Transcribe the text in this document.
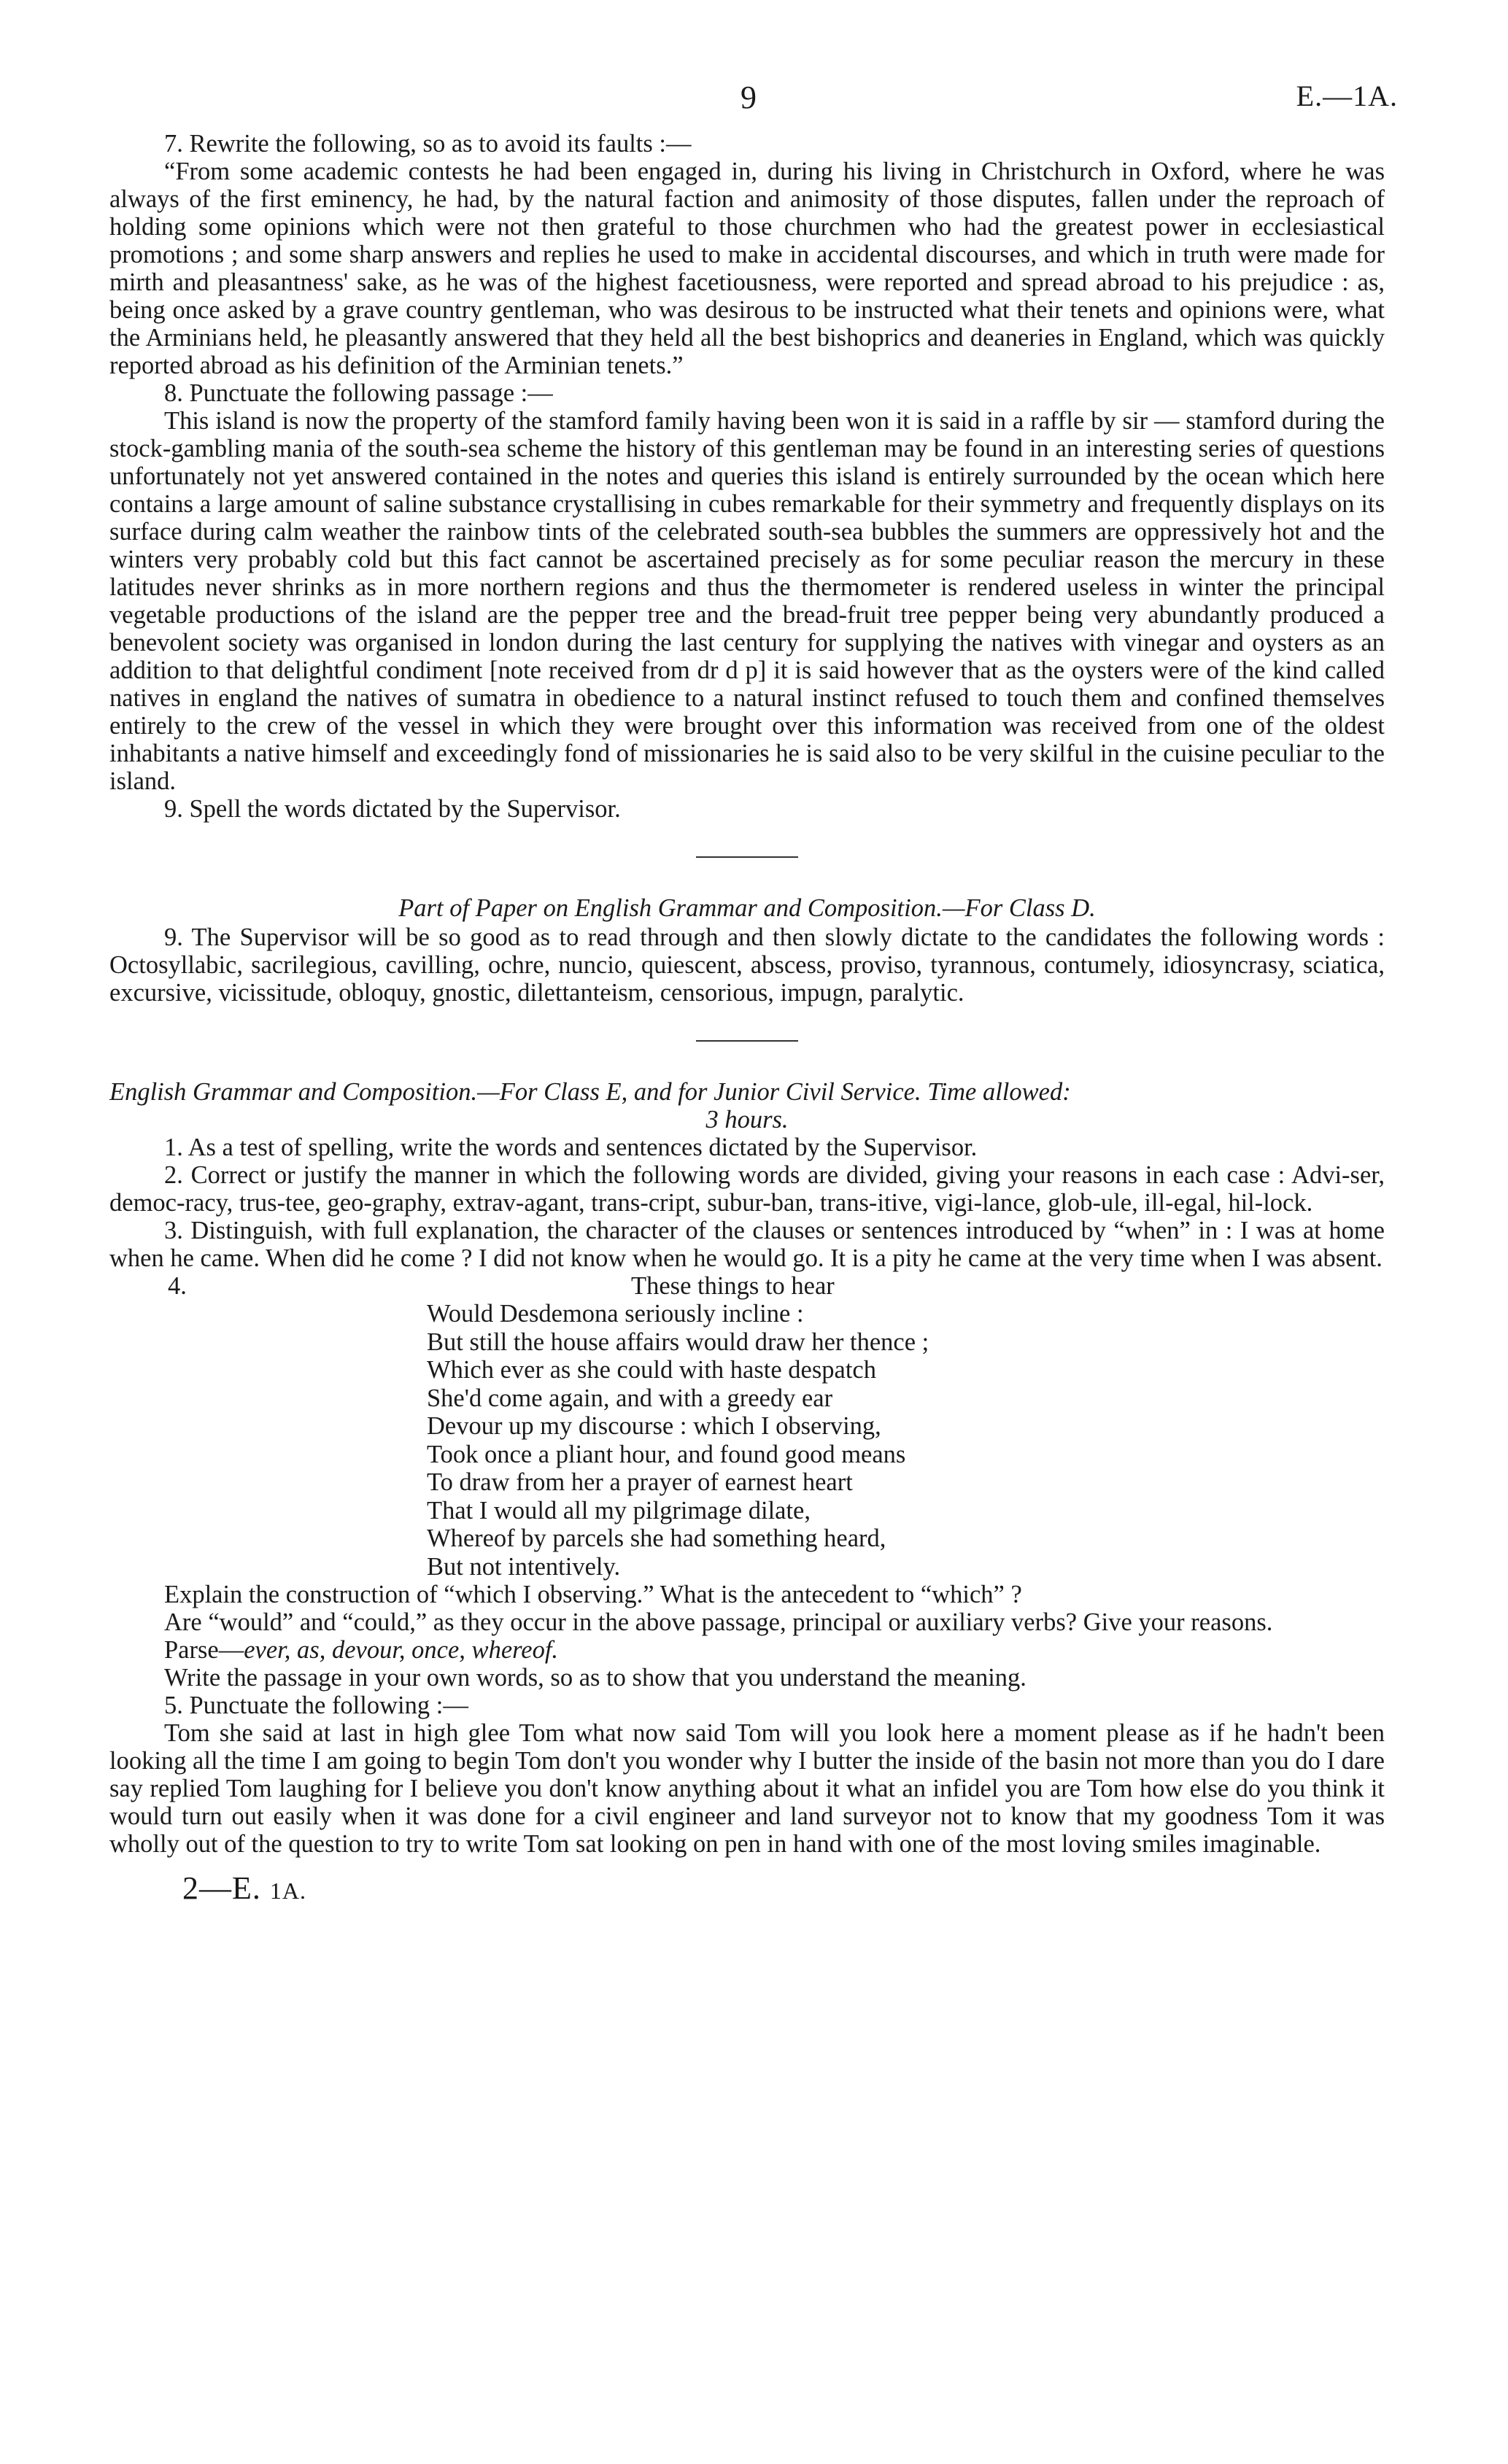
9	E.—1A.

7. Rewrite the following, so as to avoid its faults :—

“From some academic contests he had been engaged in, during his living in Christchurch in Oxford, where he was always of the first eminency, he had, by the natural faction and animosity of those disputes, fallen under the reproach of holding some opinions which were not then grateful to those churchmen who had the greatest power in ecclesiastical promotions ; and some sharp answers and replies he used to make in accidental discourses, and which in truth were made for mirth and pleasantness' sake, as he was of the highest facetiousness, were reported and spread abroad to his prejudice : as, being once asked by a grave country gentleman, who was desirous to be instructed what their tenets and opinions were, what the Arminians held, he pleasantly answered that they held all the best bishoprics and deaneries in England, which was quickly reported abroad as his definition of the Arminian tenets.”

8. Punctuate the following passage :—

This island is now the property of the stamford family having been won it is said in a raffle by sir — stamford during the stock-gambling mania of the south-sea scheme the history of this gentleman may be found in an interesting series of questions unfortunately not yet answered contained in the notes and queries this island is entirely surrounded by the ocean which here contains a large amount of saline substance crystallising in cubes remarkable for their symmetry and frequently displays on its surface during calm weather the rainbow tints of the celebrated south-sea bubbles the summers are oppressively hot and the winters very probably cold but this fact cannot be ascertained precisely as for some peculiar reason the mercury in these latitudes never shrinks as in more northern regions and thus the thermometer is rendered useless in winter the principal vegetable productions of the island are the pepper tree and the bread-fruit tree pepper being very abundantly produced a benevolent society was organised in london during the last century for supplying the natives with vinegar and oysters as an addition to that delightful condiment [note received from dr d p] it is said however that as the oysters were of the kind called natives in england the natives of sumatra in obedience to a natural instinct refused to touch them and confined themselves entirely to the crew of the vessel in which they were brought over this information was received from one of the oldest inhabitants a native himself and exceedingly fond of missionaries he is said also to be very skilful in the cuisine peculiar to the island.

9. Spell the words dictated by the Supervisor.

Part of Paper on English Grammar and Composition.—For Class D.

9. The Supervisor will be so good as to read through and then slowly dictate to the candidates the following words : Octosyllabic, sacrilegious, cavilling, ochre, nuncio, quiescent, abscess, proviso, tyrannous, contumely, idiosyncrasy, sciatica, excursive, vicissitude, obloquy, gnostic, dilettanteism, censorious, impugn, paralytic.

English Grammar and Composition.—For Class E, and for Junior Civil Service. Time allowed:

3 hours.

1. As a test of spelling, write the words and sentences dictated by the Supervisor.

2. Correct or justify the manner in which the following words are divided, giving your reasons in each case : Advi-ser, democ-racy, trus-tee, geo-graphy, extrav-agant, trans-cript, subur-ban, trans-itive, vigi-lance, glob-ule, ill-egal, hil-lock.

3. Distinguish, with full explanation, the character of the clauses or sentences introduced by “when” in : I was at home when he came. When did he come ? I did not know when he would go. It is a pity he came at the very time when I was absent.

4.	These things to hear

Would Desdemona seriously incline :

But still the house affairs would draw her thence ;

Which ever as she could with haste despatch

She'd come again, and with a greedy ear

Devour up my discourse : which I observing,

Took once a pliant hour, and found good means

To draw from her a prayer of earnest heart

That I would all my pilgrimage dilate,

Whereof by parcels she had something heard,

But not intentively.

Explain the construction of “which I observing.” What is the antecedent to “which” ?

Are “would” and “could,” as they occur in the above passage, principal or auxiliary verbs? Give your reasons.

Parse—ever, as, devour, once, whereof.

Write the passage in your own words, so as to show that you understand the meaning.

5. Punctuate the following :—

Tom she said at last in high glee Tom what now said Tom will you look here a moment please as if he hadn't been looking all the time I am going to begin Tom don't you wonder why I butter the inside of the basin not more than you do I dare say replied Tom laughing for I believe you don't know anything about it what an infidel you are Tom how else do you think it would turn out easily when it was done for a civil engineer and land surveyor not to know that my goodness Tom it was wholly out of the question to try to write Tom sat looking on pen in hand with one of the most loving smiles imaginable.

2—E. 1A.
